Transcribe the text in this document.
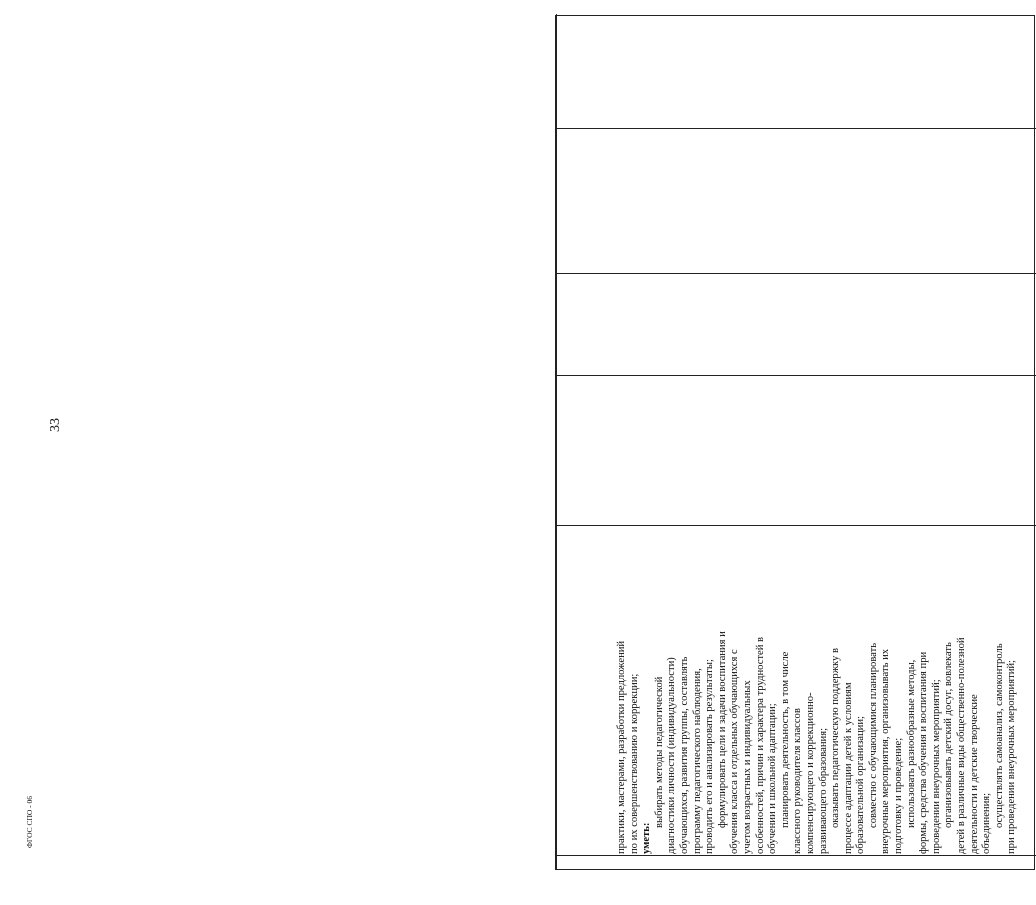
33

практики, мастерами, разработки предложений по их совершенствованию и коррекции; уметь:

выбирать методы педагогической диагностики личности (индивидуальности) обучающихся, развития группы, составлять программу педагогического наблюдения, проводить его и анализировать результаты; формулировать цели и задачи воспитания и обучения класса и отдельных обучающихся с учетом возрастных и индивидуальных особенностей, причин и характера трудностей в обучении и школьной адаптации; планировать деятельность, в том числе классного руководителя классов компенсирующего и коррекционно- развивающего образования; оказывать педагогическую поддержку в процессе адаптации детей к условиям образовательной организации; совместно с обучающимися планировать внеурочные мероприятия, организовывать их подготовку и проведение; использовать разнообразные методы, формы, средства обучения и воспитания при проведении внеурочных мероприятий; организовывать детский досуг, вовлекать детей в различные виды общественно-полезной деятельности и детские творческие объединения; осуществлять самоанализ, самоконтроль при проведении внеурочных мероприятий;

ФГОС СПО - 06
